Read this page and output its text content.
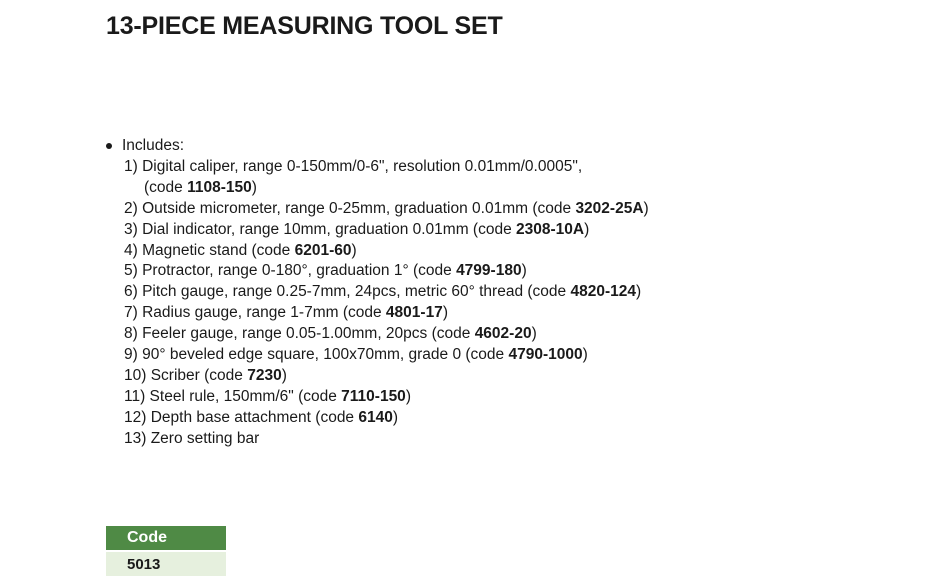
13-PIECE MEASURING TOOL SET
Includes:
1) Digital caliper, range 0-150mm/0-6", resolution 0.01mm/0.0005",
(code 1108-150)
2) Outside micrometer, range 0-25mm, graduation 0.01mm (code 3202-25A)
3) Dial indicator, range 10mm, graduation 0.01mm (code 2308-10A)
4) Magnetic stand (code 6201-60)
5) Protractor, range 0-180°, graduation 1° (code 4799-180)
6) Pitch gauge, range 0.25-7mm, 24pcs, metric 60° thread (code 4820-124)
7) Radius gauge, range 1-7mm (code 4801-17)
8) Feeler gauge, range 0.05-1.00mm, 20pcs (code 4602-20)
9) 90° beveled edge square, 100x70mm, grade 0 (code 4790-1000)
10) Scriber (code 7230)
11) Steel rule, 150mm/6" (code 7110-150)
12) Depth base attachment (code 6140)
13) Zero setting bar
Code
5013
